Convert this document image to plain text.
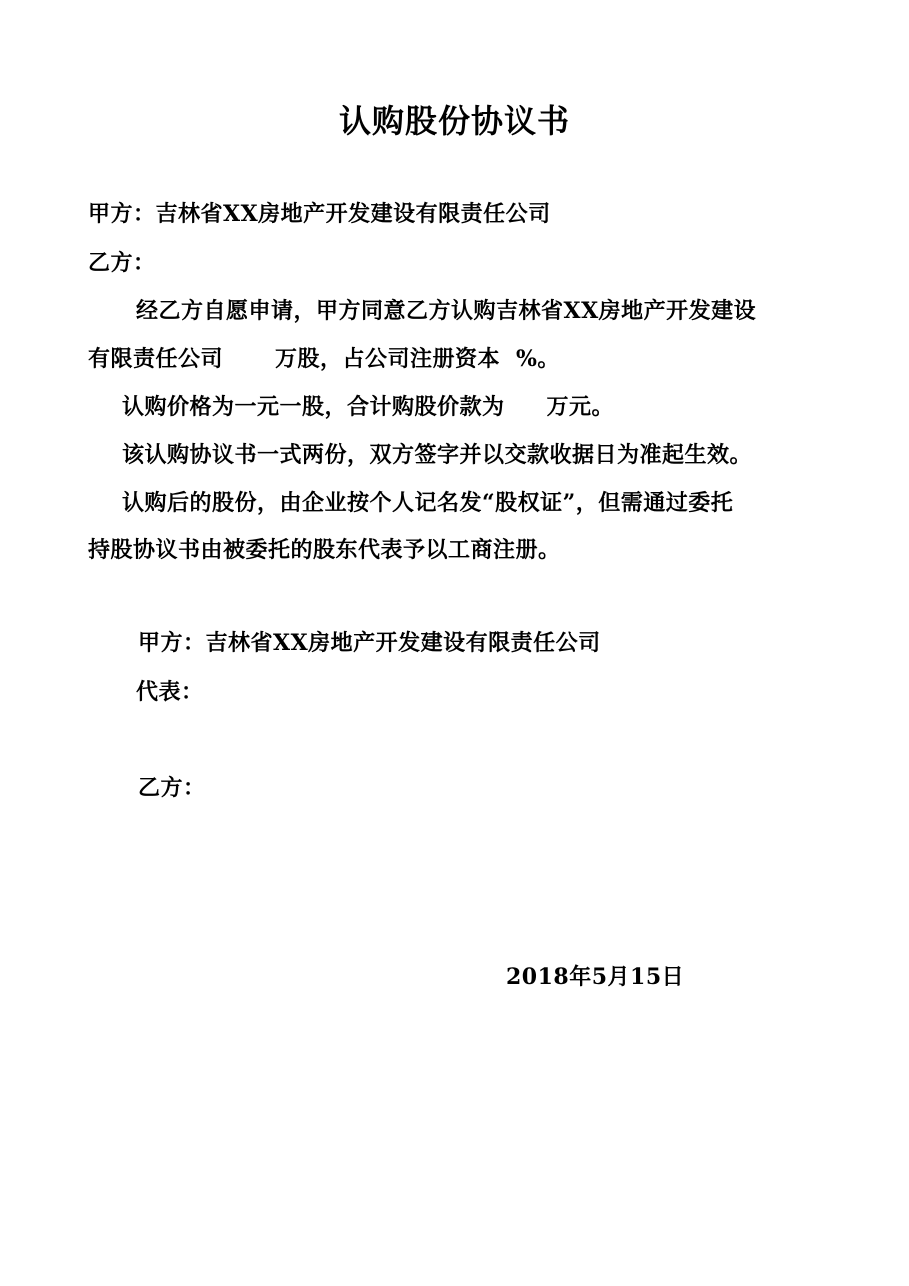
认购股份协议书
甲方：吉林省XX房地产开发建设有限责任公司
乙方：
经乙方自愿申请，甲方同意乙方认购吉林省XX房地产开发建设
有限责任公司 万股，占公司注册资本 %。
认购价格为一元一股，合计购股价款为 万元。
该认购协议书一式两份，双方签字并以交款收据日为准起生效。
认购后的股份，由企业按个人记名发“股权证”，但需通过委托
持股协议书由被委托的股东代表予以工商注册。
甲方：吉林省XX房地产开发建设有限责任公司
代表：
乙方：
2018年5月15日
